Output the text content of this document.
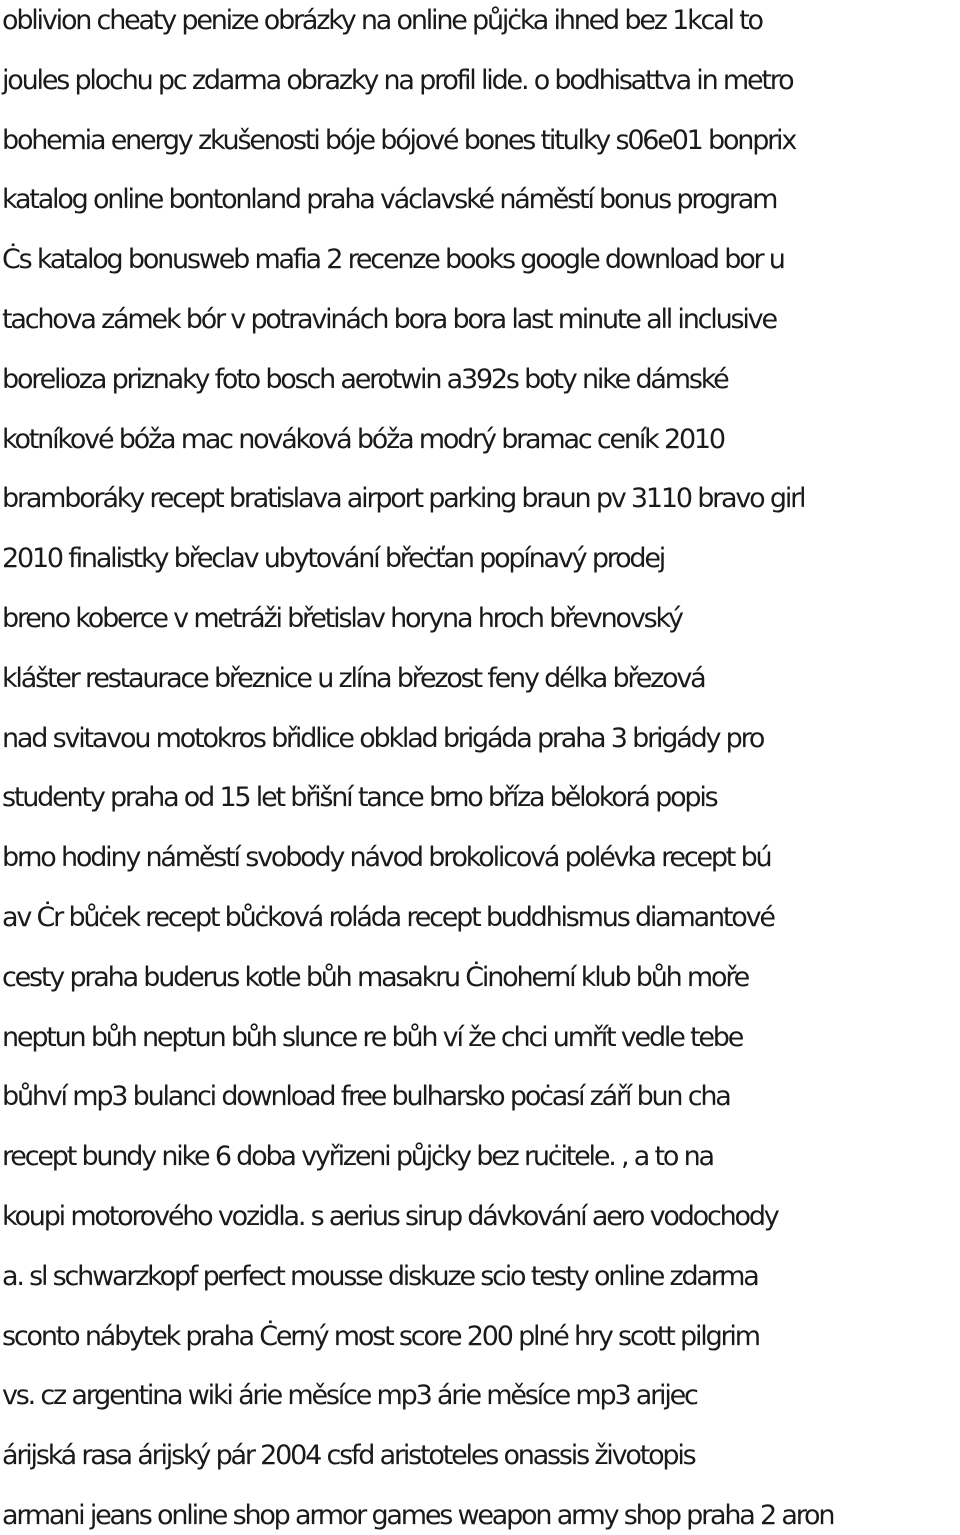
oblivion cheaty penize obrázky na online půjċka ihned bez 1kcal to
joules plochu pc zdarma obrazky na profil lide. o bodhisattva in metro
bohemia energy zkušenosti bóje bójové bones titulky s06e01 bonprix
katalog online bontonland praha václavské náměstí bonus program
Ċs katalog bonusweb mafia 2 recenze books google download bor u
tachova zámek bór v potravinách bora bora last minute all inclusive
borelioza priznaky foto bosch aerotwin a392s boty nike dámské
kotníkové bóža mac nováková bóža modrý bramac ceník 2010
bramboráky recept bratislava airport parking braun pv 3110 bravo girl
2010 finalistky břeclav ubytování břeċťan popínavý prodej
breno koberce v metráži břetislav horyna hroch břevnovský
klášter restaurace březnice u zlína březost feny délka březová
nad svitavou motokros břidlice obklad brigáda praha 3 brigády pro
studenty praha od 15 let břišní tance brno bříza bělokorá popis
brno hodiny náměstí svobody návod brokolicová polévka recept bú
av Ċr bůċek recept bůċková roláda recept buddhismus diamantové
cesty praha buderus kotle bůh masakru Ċinoherní klub bůh moře
neptun bůh neptun bůh slunce re bůh ví že chci umřít vedle tebe
bůhví mp3 bulanci download free bulharsko poċasí září bun cha
recept bundy nike 6 doba vyřizeni půjċky bez ruċitele. , a to na
koupi motorového vozidla. s aerius sirup dávkování aero vodochody
a. sl schwarzkopf perfect mousse diskuze scio testy online zdarma
sconto nábytek praha Ċerný most score 200 plné hry scott pilgrim
vs. cz argentina wiki árie měsíce mp3 árie měsíce mp3 arijec
árijská rasa árijský pár 2004 csfd aristoteles onassis životopis
armani jeans online shop armor games weapon army shop praha 2 aron
